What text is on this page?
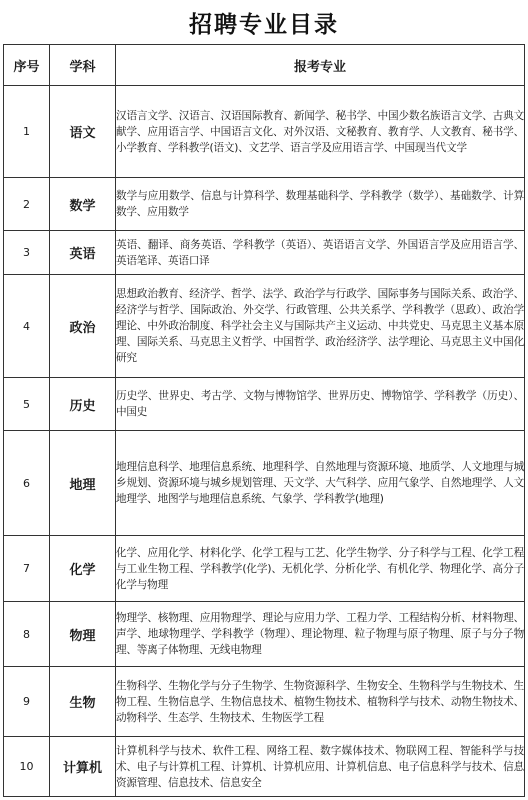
招聘专业目录
序号	学科	报考专业
1	语文	汉语言文学、汉语言、汉语国际教育、新闻学、秘书学、中国少数名族语言文学、古典文献学、应用语言学、中国语言文化、对外汉语、文秘教育、教育学、人文教育、秘书学、小学教育、学科教学(语文)、文艺学、语言学及应用语言学、中国现当代文学
2	数学	数学与应用数学、信息与计算科学、数理基础科学、学科教学（数学）、基础数学、计算数学、应用数学
3	英语	英语、翻译、商务英语、学科教学（英语）、英语语言文学、外国语言学及应用语言学、英语笔译、英语口译
4	政治	思想政治教育、经济学、哲学、法学、政治学与行政学、国际事务与国际关系、政治学、经济学与哲学、国际政治、外交学、行政管理、公共关系学、学科教学（思政）、政治学理论、中外政治制度、科学社会主义与国际共产主义运动、中共党史、马克思主义基本原理、国际关系、马克思主义哲学、中国哲学、政治经济学、法学理论、马克思主义中国化研究
5	历史	历史学、世界史、考古学、文物与博物馆学、世界历史、博物馆学、学科教学（历史）、中国史
6	地理	地理信息科学、地理信息系统、地理科学、自然地理与资源环境、地质学、人文地理与城乡规划、资源环境与城乡规划管理、天文学、大气科学、应用气象学、自然地理学、人文地理学、地图学与地理信息系统、气象学、学科教学(地理)
7	化学	化学、应用化学、材料化学、化学工程与工艺、化学生物学、分子科学与工程、化学工程与工业生物工程、学科教学(化学)、无机化学、分析化学、有机化学、物理化学、高分子化学与物理
8	物理	物理学、核物理、应用物理学、理论与应用力学、工程力学、工程结构分析、材料物理、声学、地球物理学、学科教学（物理）、理论物理、粒子物理与原子物理、原子与分子物理、等离子体物理、无线电物理
9	生物	生物科学、生物化学与分子生物学、生物资源科学、生物安全、生物科学与生物技术、生物工程、生物信息学、生物信息技术、植物生物技术、植物科学与技术、动物生物技术、动物科学、生态学、生物技术、生物医学工程
10	计算机	计算机科学与技术、软件工程、网络工程、数字媒体技术、物联网工程、智能科学与技术、电子与计算机工程、计算机、计算机应用、计算机信息、电子信息科学与技术、信息资源管理、信息技术、信息安全
